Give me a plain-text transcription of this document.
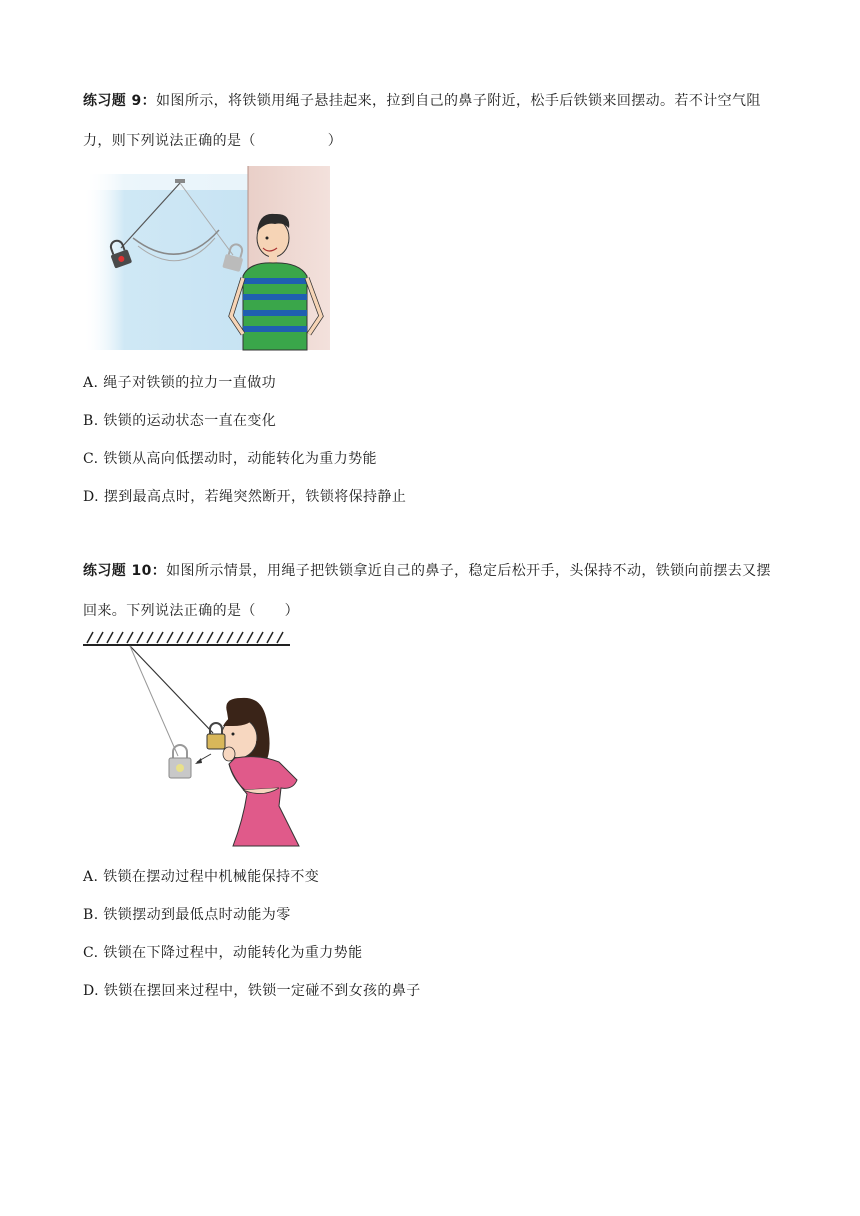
练习题 9：如图所示，将铁锁用绳子悬挂起来，拉到自己的鼻子附近，松手后铁锁来回摆动。若不计空气阻力，则下列说法正确的是（　　　　　）
A. 绳子对铁锁的拉力一直做功
B. 铁锁的运动状态一直在变化
C. 铁锁从高向低摆动时，动能转化为重力势能
D. 摆到最高点时，若绳突然断开，铁锁将保持静止
练习题 10：如图所示情景，用绳子把铁锁拿近自己的鼻子，稳定后松开手，头保持不动，铁锁向前摆去又摆回来。下列说法正确的是（　　）
A. 铁锁在摆动过程中机械能保持不变
B. 铁锁摆动到最低点时动能为零
C. 铁锁在下降过程中，动能转化为重力势能
D. 铁锁在摆回来过程中，铁锁一定碰不到女孩的鼻子
